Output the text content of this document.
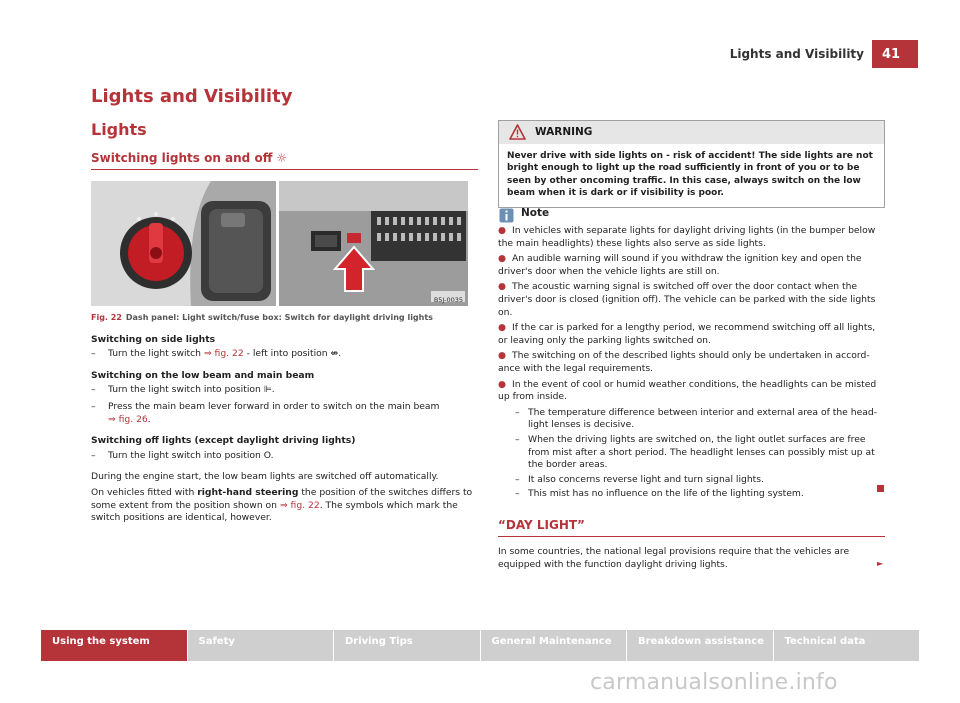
Lights and Visibility	41
Lights and Visibility
Lights
Switching lights on and off ☼
B5J-0035
Fig. 22 Dash panel: Light switch/fuse box: Switch for daylight driving lights
Switching on side lights
– Turn the light switch ⇒ fig. 22 - left into position ⇎.
Switching on the low beam and main beam
– Turn the light switch into position ⊫.
– Press the main beam lever forward in order to switch on the main beam
⇒ fig. 26.
Switching off lights (except daylight driving lights)
– Turn the light switch into position O.
During the engine start, the low beam lights are switched off automatically.
On vehicles fitted with right-hand steering the position of the switches differs to some extent from the position shown on ⇒ fig. 22. The symbols which mark the switch positions are identical, however.
WARNING
Never drive with side lights on - risk of accident! The side lights are not bright enough to light up the road sufficiently in front of you or to be seen by other oncoming traffic. In this case, always switch on the low beam when it is dark or if visibility is poor.
Note
● In vehicles with separate lights for daylight driving lights (in the bumper below the main headlights) these lights also serve as side lights.
● An audible warning will sound if you withdraw the ignition key and open the driver's door when the vehicle lights are still on.
● The acoustic warning signal is switched off over the door contact when the driver's door is closed (ignition off). The vehicle can be parked with the side lights on.
● If the car is parked for a lengthy period, we recommend switching off all lights, or leaving only the parking lights switched on.
● The switching on of the described lights should only be undertaken in accord-ance with the legal requirements.
● In the event of cool or humid weather conditions, the headlights can be misted up from inside.
– The temperature difference between interior and external area of the head-light lenses is decisive.
– When the driving lights are switched on, the light outlet surfaces are free from mist after a short period. The headlight lenses can possibly mist up at the border areas.
– It also concerns reverse light and turn signal lights.
– This mist has no influence on the life of the lighting system.
“DAY LIGHT”
In some countries, the national legal provisions require that the vehicles are equipped with the function daylight driving lights.	►
Using the system	Safety	Driving Tips	General Maintenance	Breakdown assistance	Technical data
carmanualsonline.info
